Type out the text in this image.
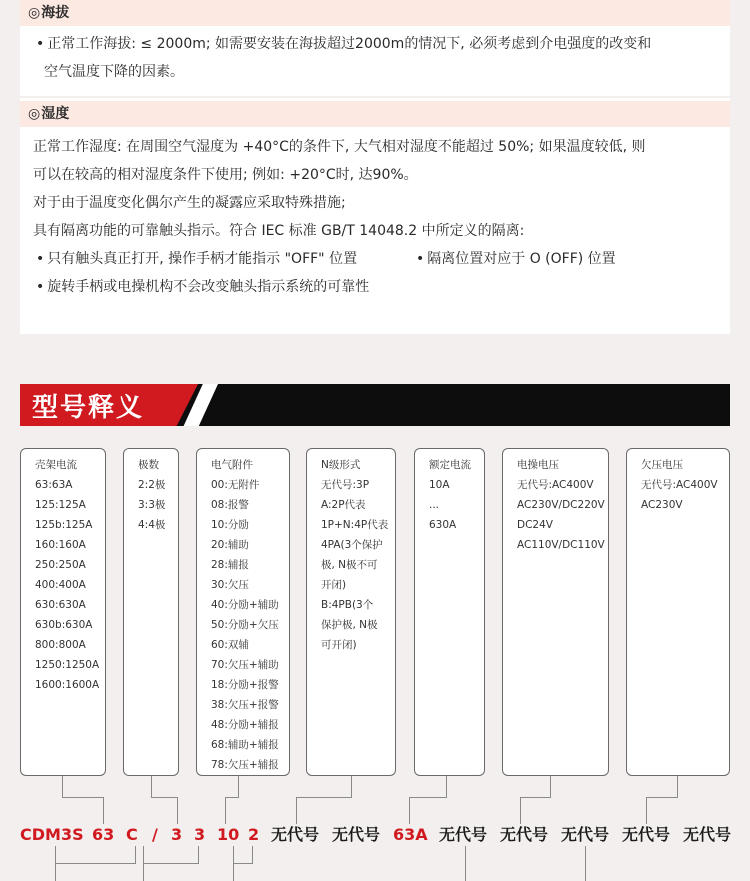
◎海拔
• 正常工作海拔: ≤ 2000m; 如需要安装在海拔超过2000m的情况下, 必须考虑到介电强度的改变和
空气温度下降的因素。
◎湿度
正常工作湿度: 在周围空气湿度为 +40°C的条件下, 大气相对湿度不能超过 50%; 如果温度较低, 则
可以在较高的相对湿度条件下使用; 例如: +20°C时, 达90%。
对于由于温度变化偶尔产生的凝露应采取特殊措施;
具有隔离功能的可靠触头指示。符合 IEC 标准 GB/T 14048.2 中所定义的隔离:
• 只有触头真正打开, 操作手柄才能指示 "OFF" 位置	• 隔离位置对应于 O (OFF) 位置
• 旋转手柄或电操机构不会改变触头指示系统的可靠性
型号释义
壳架电流
63:63A
125:125A
125b:125A
160:160A
250:250A
400:400A
630:630A
630b:630A
800:800A
1250:1250A
1600:1600A
极数
2:2极
3:3极
4:4极
电气附件
00:无附件
08:报警
10:分励
20:辅助
28:辅报
30:欠压
40:分励+辅助
50:分励+欠压
60:双辅
70:欠压+辅助
18:分励+报警
38:欠压+报警
48:分励+辅报
68:辅助+辅报
78:欠压+辅报
N级形式
无代号:3P
A:2P代表
1P+N:4P代表
4PA(3个保护
极, N极不可
开闭)
B:4PB(3个
保护极, N极
可开闭)
额定电流
10A
...
630A
电操电压
无代号:AC400V
AC230V/DC220V
DC24V
AC110V/DC110V
欠压电压
无代号:AC400V
AC230V
CDM3S 63 C / 3 3 10 2 无代号 无代号 63A 无代号 无代号 无代号 无代号 无代号
